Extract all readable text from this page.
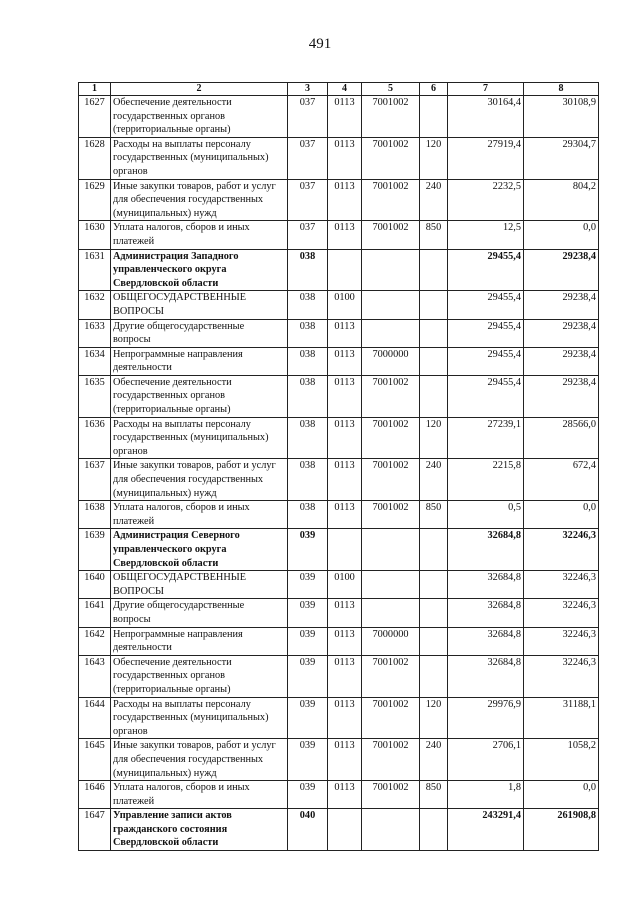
491
1	2	3	4	5	6	7	8
1627	Обеспечение деятельности
государственных органов
(территориальные органы)	037	0113	7001002		30164,4	30108,9
1628	Расходы на выплаты персоналу
государственных (муниципальных)
органов	037	0113	7001002	120	27919,4	29304,7
1629	Иные закупки товаров, работ и услуг
для обеспечения государственных
(муниципальных) нужд	037	0113	7001002	240	2232,5	804,2
1630	Уплата налогов, сборов и иных
платежей	037	0113	7001002	850	12,5	0,0
1631	Администрация Западного
управленческого округа
Свердловской области	038				29455,4	29238,4
1632	ОБЩЕГОСУДАРСТВЕННЫЕ
ВОПРОСЫ	038	0100			29455,4	29238,4
1633	Другие общегосударственные
вопросы	038	0113			29455,4	29238,4
1634	Непрограммные направления
деятельности	038	0113	7000000		29455,4	29238,4
1635	Обеспечение деятельности
государственных органов
(территориальные органы)	038	0113	7001002		29455,4	29238,4
1636	Расходы на выплаты персоналу
государственных (муниципальных)
органов	038	0113	7001002	120	27239,1	28566,0
1637	Иные закупки товаров, работ и услуг
для обеспечения государственных
(муниципальных) нужд	038	0113	7001002	240	2215,8	672,4
1638	Уплата налогов, сборов и иных
платежей	038	0113	7001002	850	0,5	0,0
1639	Администрация Северного
управленческого округа
Свердловской области	039				32684,8	32246,3
1640	ОБЩЕГОСУДАРСТВЕННЫЕ
ВОПРОСЫ	039	0100			32684,8	32246,3
1641	Другие общегосударственные
вопросы	039	0113			32684,8	32246,3
1642	Непрограммные направления
деятельности	039	0113	7000000		32684,8	32246,3
1643	Обеспечение деятельности
государственных органов
(территориальные органы)	039	0113	7001002		32684,8	32246,3
1644	Расходы на выплаты персоналу
государственных (муниципальных)
органов	039	0113	7001002	120	29976,9	31188,1
1645	Иные закупки товаров, работ и услуг
для обеспечения государственных
(муниципальных) нужд	039	0113	7001002	240	2706,1	1058,2
1646	Уплата налогов, сборов и иных
платежей	039	0113	7001002	850	1,8	0,0
1647	Управление записи актов
гражданского состояния
Свердловской области	040				243291,4	261908,8
